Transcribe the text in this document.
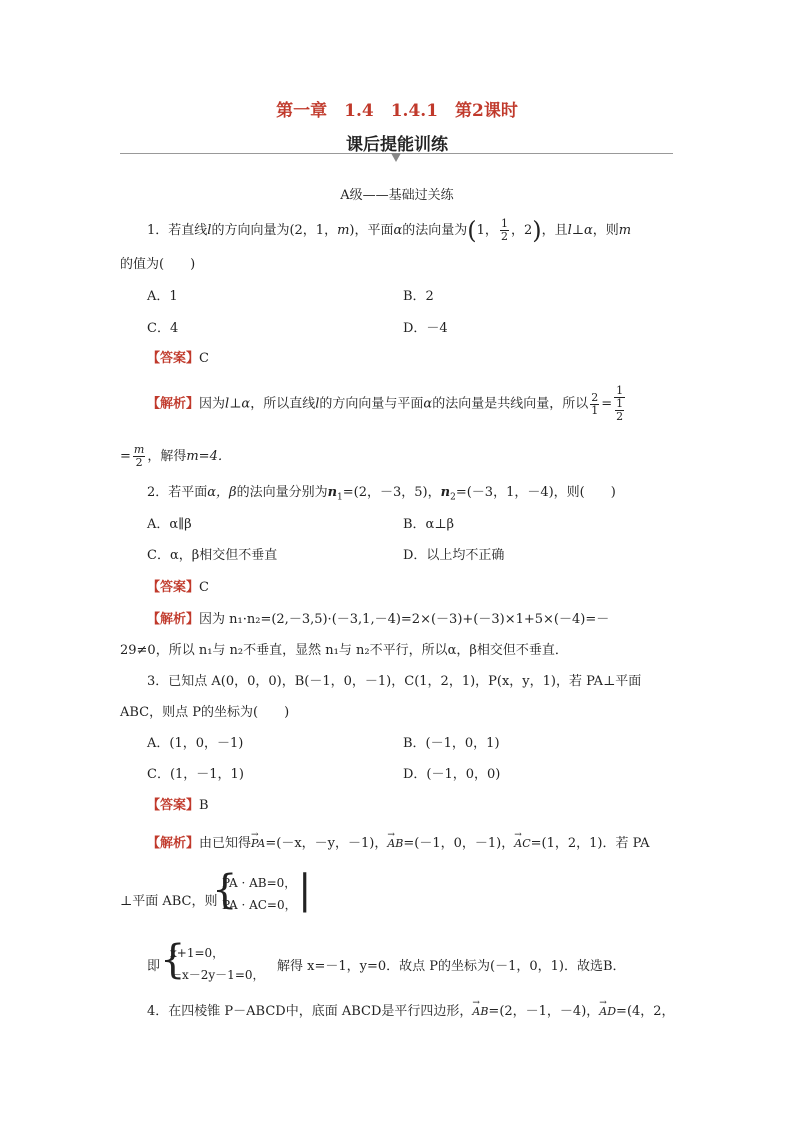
第一章　1.4　1.4.1　第2课时
课后提能训练
A级——基础过关练
1．若直线l的方向向量为(2，1，m)，平面α的法向量为(1， $\frac{1}{2}$ ，2)，且l⊥α，则m
的值为(　　)
A．1	B．2
C．4	D．－4
【答案】C
【解析】因为l⊥α，所以直线l的方向向量与平面α的法向量是共线向量，所以 $\frac{2}{1} = \frac{1}{\frac{1}{2}}$
= $\frac{m}{2}$ ，解得m=4．
2．若平面α，β的法向量分别为$n_1=(2$，－3，5)，$n_2=(-3$，1，－4)，则(　　)
A．α∥β	B．α⊥β
C．α，β相交但不垂直	D．以上均不正确
【答案】C
【解析】因为 n₁·n₂=(2,－3,5)·(－3,1,－4)=2×(－3)+(－3)×1+5×(－4)=－
29≠0，所以 n₁与 n₂不垂直，显然 n₁与 n₂不平行，所以α，β相交但不垂直．
3．已知点 A(0，0，0)，B(－1，0，－1)，C(1，2，1)，P(x，y，1)，若 PA⊥平面
ABC，则点 P的坐标为(　　)
A．(1，0，－1)	B．(－1，0，1)
C．(1，－1，1)	D．(－1，0，0)
【答案】B
【解析】由已知得→ PA=(－x，－y，－1)，→ AB=(－1，0，－1)，→ AC=(1，2，1)．若 PA
⊥平面 ABC，则
{
PA · AB=0，
PA · AC=0， |
即 {
x+1=0，
－x－2y－1=0，
解得 x=－1，y=0．故点 P的坐标为(－1，0，1)．故选B．
4．在四棱锥 P－ABCD中，底面 ABCD是平行四边形，→ AB=(2，－1，－4)，→ AD=(4，2，
